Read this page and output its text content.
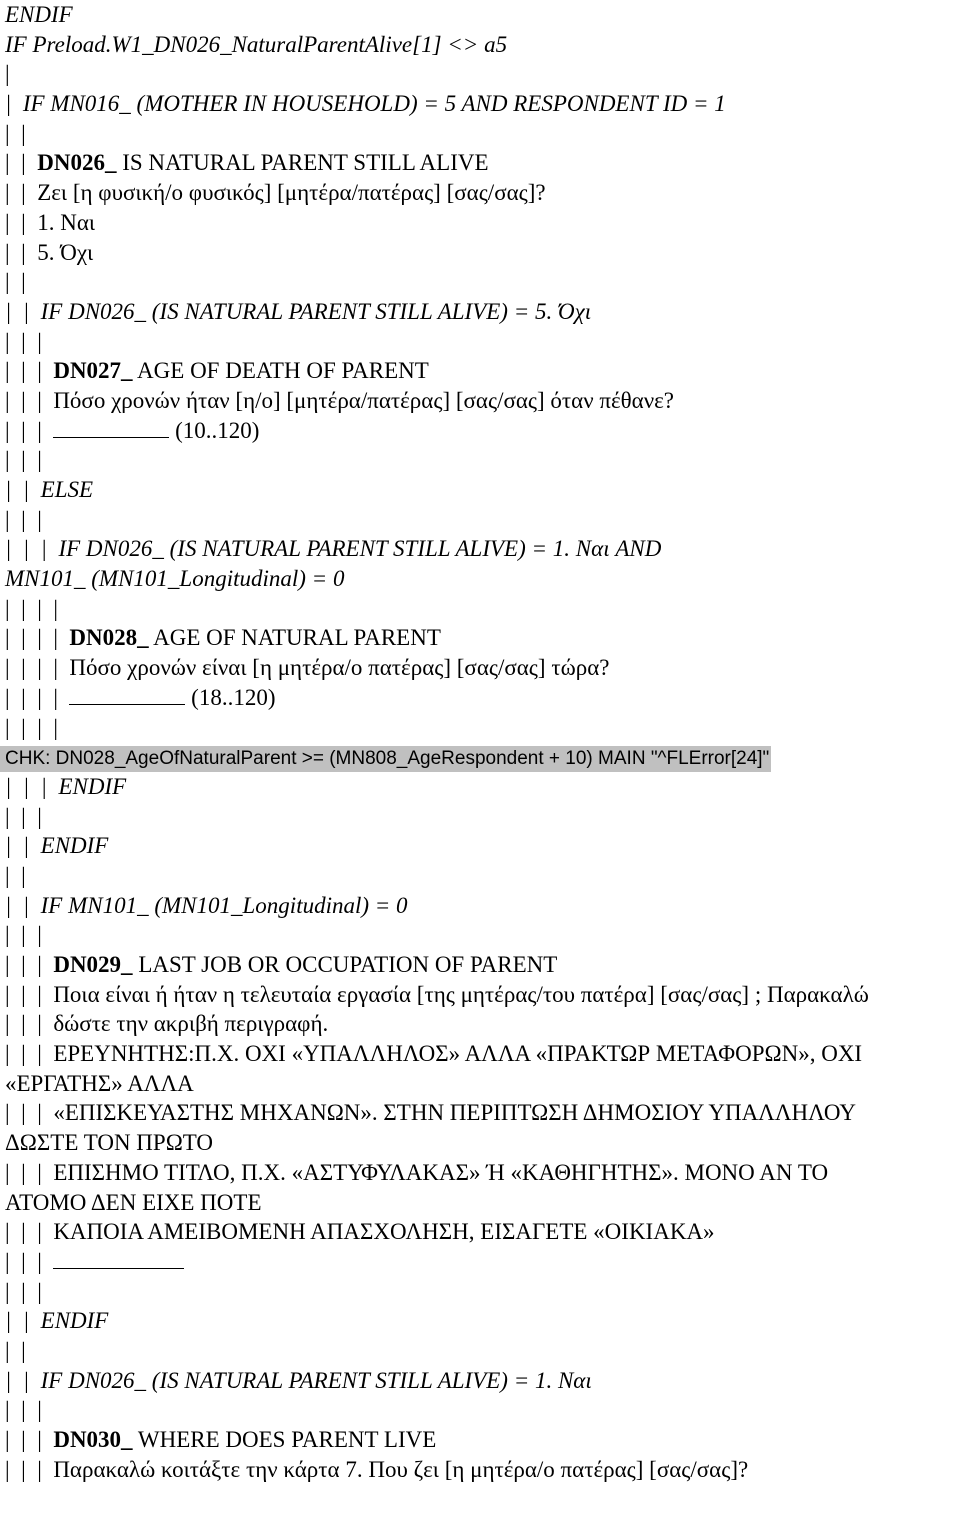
ENDIF
IF Preload.W1_DN026_NaturalParentAlive[1] <> a5
|
|  IF MN016_ (MOTHER IN HOUSEHOLD) = 5 AND RESPONDENT ID = 1
|  |
|  |  DN026_ IS NATURAL PARENT STILL ALIVE
|  |  Ζει [η φυσική/ο φυσικός] [μητέρα/πατέρας] [σας/σας]?
|  |  1. Ναι
|  |  5. Όχι
|  |
|  |  IF DN026_ (IS NATURAL PARENT STILL ALIVE) = 5. Όχι
|  |  |
|  |  |  DN027_ AGE OF DEATH OF PARENT
|  |  |  Πόσο χρονών ήταν [η/ο] [μητέρα/πατέρας] [σας/σας] όταν πέθανε?
|  |  |	(10..120)
|  |  |
|  |  ELSE
|  |  |
|  |  |  IF DN026_ (IS NATURAL PARENT STILL ALIVE) = 1. Ναι AND
MN101_ (MN101_Longitudinal) = 0
|  |  |  |
|  |  |  |  DN028_ AGE OF NATURAL PARENT
|  |  |  |  Πόσο χρονών είναι [η μητέρα/ο πατέρας] [σας/σας] τώρα?
|  |  |  |	(18..120)
|  |  |  |
CHK: DN028_AgeOfNaturalParent >= (MN808_AgeRespondent + 10) MAIN "^FLError[24]"
|  |  |  ENDIF
|  |  |
|  |  ENDIF
|  |
|  |  IF MN101_ (MN101_Longitudinal) = 0
|  |  |
|  |  |  DN029_ LAST JOB OR OCCUPATION OF PARENT
|  |  |  Ποια είναι ή ήταν η τελευταία εργασία [της μητέρας/του πατέρα] [σας/σας] ; Παρακαλώ
|  |  |  δώστε την ακριβή περιγραφή.
|  |  |  ΕΡΕΥΝΗΤΗΣ:Π.Χ. ΟΧΙ «ΥΠΑΛΛΗΛΟΣ» ΑΛΛΑ «ΠΡΑΚΤΩΡ ΜΕΤΑΦΟΡΩΝ», ΟΧΙ
«ΕΡΓΑΤΗΣ» ΑΛΛΑ
|  |  |  «ΕΠΙΣΚΕΥΑΣΤΗΣ ΜΗΧΑΝΩΝ». ΣΤΗΝ ΠΕΡΙΠΤΩΣΗ ΔΗΜΟΣΙΟΥ ΥΠΑΛΛΗΛΟΥ
ΔΩΣΤΕ ΤΟΝ ΠΡΩΤΟ
|  |  |  ΕΠΙΣΗΜΟ ΤΙΤΛΟ, Π.Χ. «ΑΣΤΥΦΥΛΑΚΑΣ» Ή «ΚΑΘΗΓΗΤΗΣ». ΜΟΝΟ ΑΝ ΤΟ
ΑΤΟΜΟ ΔΕΝ ΕΙΧΕ ΠΟΤΕ
|  |  |  ΚΑΠΟΙΑ ΑΜΕΙΒΟΜΕΝΗ ΑΠΑΣΧΟΛΗΣΗ, ΕΙΣΑΓΕΤΕ «ΟΙΚΙΑΚΑ»
|  |  |
|  |  |
|  |  ENDIF
|  |
|  |  IF DN026_ (IS NATURAL PARENT STILL ALIVE) = 1. Ναι
|  |  |
|  |  |  DN030_ WHERE DOES PARENT LIVE
|  |  |  Παρακαλώ κοιτάξτε την κάρτα 7. Που ζει [η μητέρα/ο πατέρας] [σας/σας]?
